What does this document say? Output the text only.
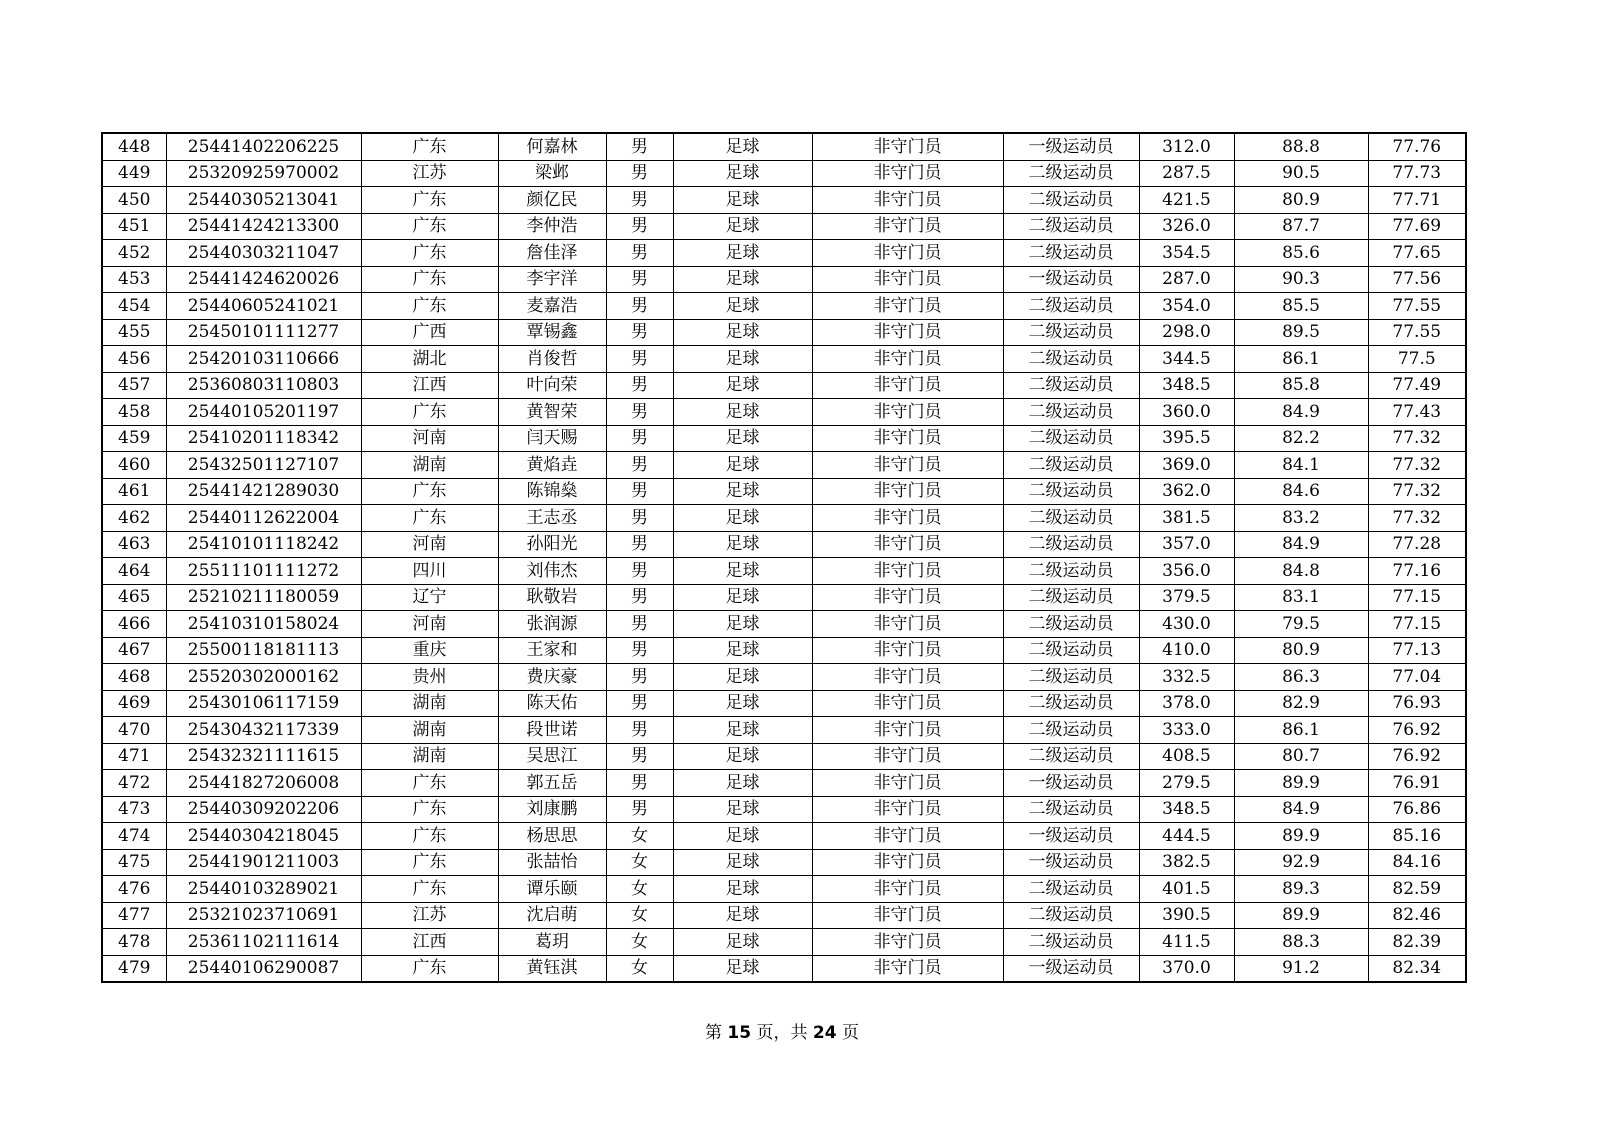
448	25441402206225	广东	何嘉林	男	足球	非守门员	一级运动员	312.0	88.8	77.76
449	25320925970002	江苏	梁邺	男	足球	非守门员	二级运动员	287.5	90.5	77.73
450	25440305213041	广东	颜亿民	男	足球	非守门员	二级运动员	421.5	80.9	77.71
451	25441424213300	广东	李仲浩	男	足球	非守门员	二级运动员	326.0	87.7	77.69
452	25440303211047	广东	詹佳泽	男	足球	非守门员	二级运动员	354.5	85.6	77.65
453	25441424620026	广东	李宇洋	男	足球	非守门员	一级运动员	287.0	90.3	77.56
454	25440605241021	广东	麦嘉浩	男	足球	非守门员	二级运动员	354.0	85.5	77.55
455	25450101111277	广西	覃锡鑫	男	足球	非守门员	二级运动员	298.0	89.5	77.55
456	25420103110666	湖北	肖俊哲	男	足球	非守门员	二级运动员	344.5	86.1	77.5
457	25360803110803	江西	叶向荣	男	足球	非守门员	二级运动员	348.5	85.8	77.49
458	25440105201197	广东	黄智荣	男	足球	非守门员	二级运动员	360.0	84.9	77.43
459	25410201118342	河南	闫天赐	男	足球	非守门员	二级运动员	395.5	82.2	77.32
460	25432501127107	湖南	黄焰垚	男	足球	非守门员	二级运动员	369.0	84.1	77.32
461	25441421289030	广东	陈锦燊	男	足球	非守门员	二级运动员	362.0	84.6	77.32
462	25440112622004	广东	王志丞	男	足球	非守门员	二级运动员	381.5	83.2	77.32
463	25410101118242	河南	孙阳光	男	足球	非守门员	二级运动员	357.0	84.9	77.28
464	25511101111272	四川	刘伟杰	男	足球	非守门员	二级运动员	356.0	84.8	77.16
465	25210211180059	辽宁	耿敬岩	男	足球	非守门员	二级运动员	379.5	83.1	77.15
466	25410310158024	河南	张润源	男	足球	非守门员	二级运动员	430.0	79.5	77.15
467	25500118181113	重庆	王家和	男	足球	非守门员	二级运动员	410.0	80.9	77.13
468	25520302000162	贵州	费庆豪	男	足球	非守门员	二级运动员	332.5	86.3	77.04
469	25430106117159	湖南	陈天佑	男	足球	非守门员	二级运动员	378.0	82.9	76.93
470	25430432117339	湖南	段世诺	男	足球	非守门员	二级运动员	333.0	86.1	76.92
471	25432321111615	湖南	吴思江	男	足球	非守门员	二级运动员	408.5	80.7	76.92
472	25441827206008	广东	郭五岳	男	足球	非守门员	一级运动员	279.5	89.9	76.91
473	25440309202206	广东	刘康鹏	男	足球	非守门员	二级运动员	348.5	84.9	76.86
474	25440304218045	广东	杨思思	女	足球	非守门员	一级运动员	444.5	89.9	85.16
475	25441901211003	广东	张喆怡	女	足球	非守门员	一级运动员	382.5	92.9	84.16
476	25440103289021	广东	谭乐颐	女	足球	非守门员	二级运动员	401.5	89.3	82.59
477	25321023710691	江苏	沈启萌	女	足球	非守门员	二级运动员	390.5	89.9	82.46
478	25361102111614	江西	葛玥	女	足球	非守门员	二级运动员	411.5	88.3	82.39
479	25440106290087	广东	黄钰淇	女	足球	非守门员	一级运动员	370.0	91.2	82.34
第 15 页，共 24 页
